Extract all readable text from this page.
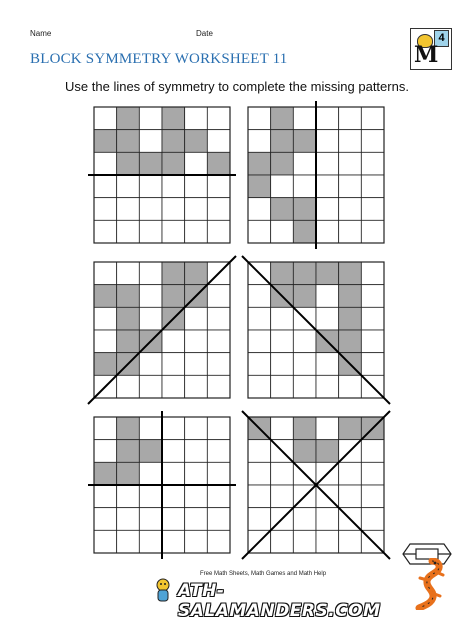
Name	Date	4
M
BLOCK SYMMETRY WORKSHEET 11
Use the lines of symmetry to complete the missing patterns.
Free Math Sheets, Math Games and Math Help
ATH-SALAMANDERS.COM
